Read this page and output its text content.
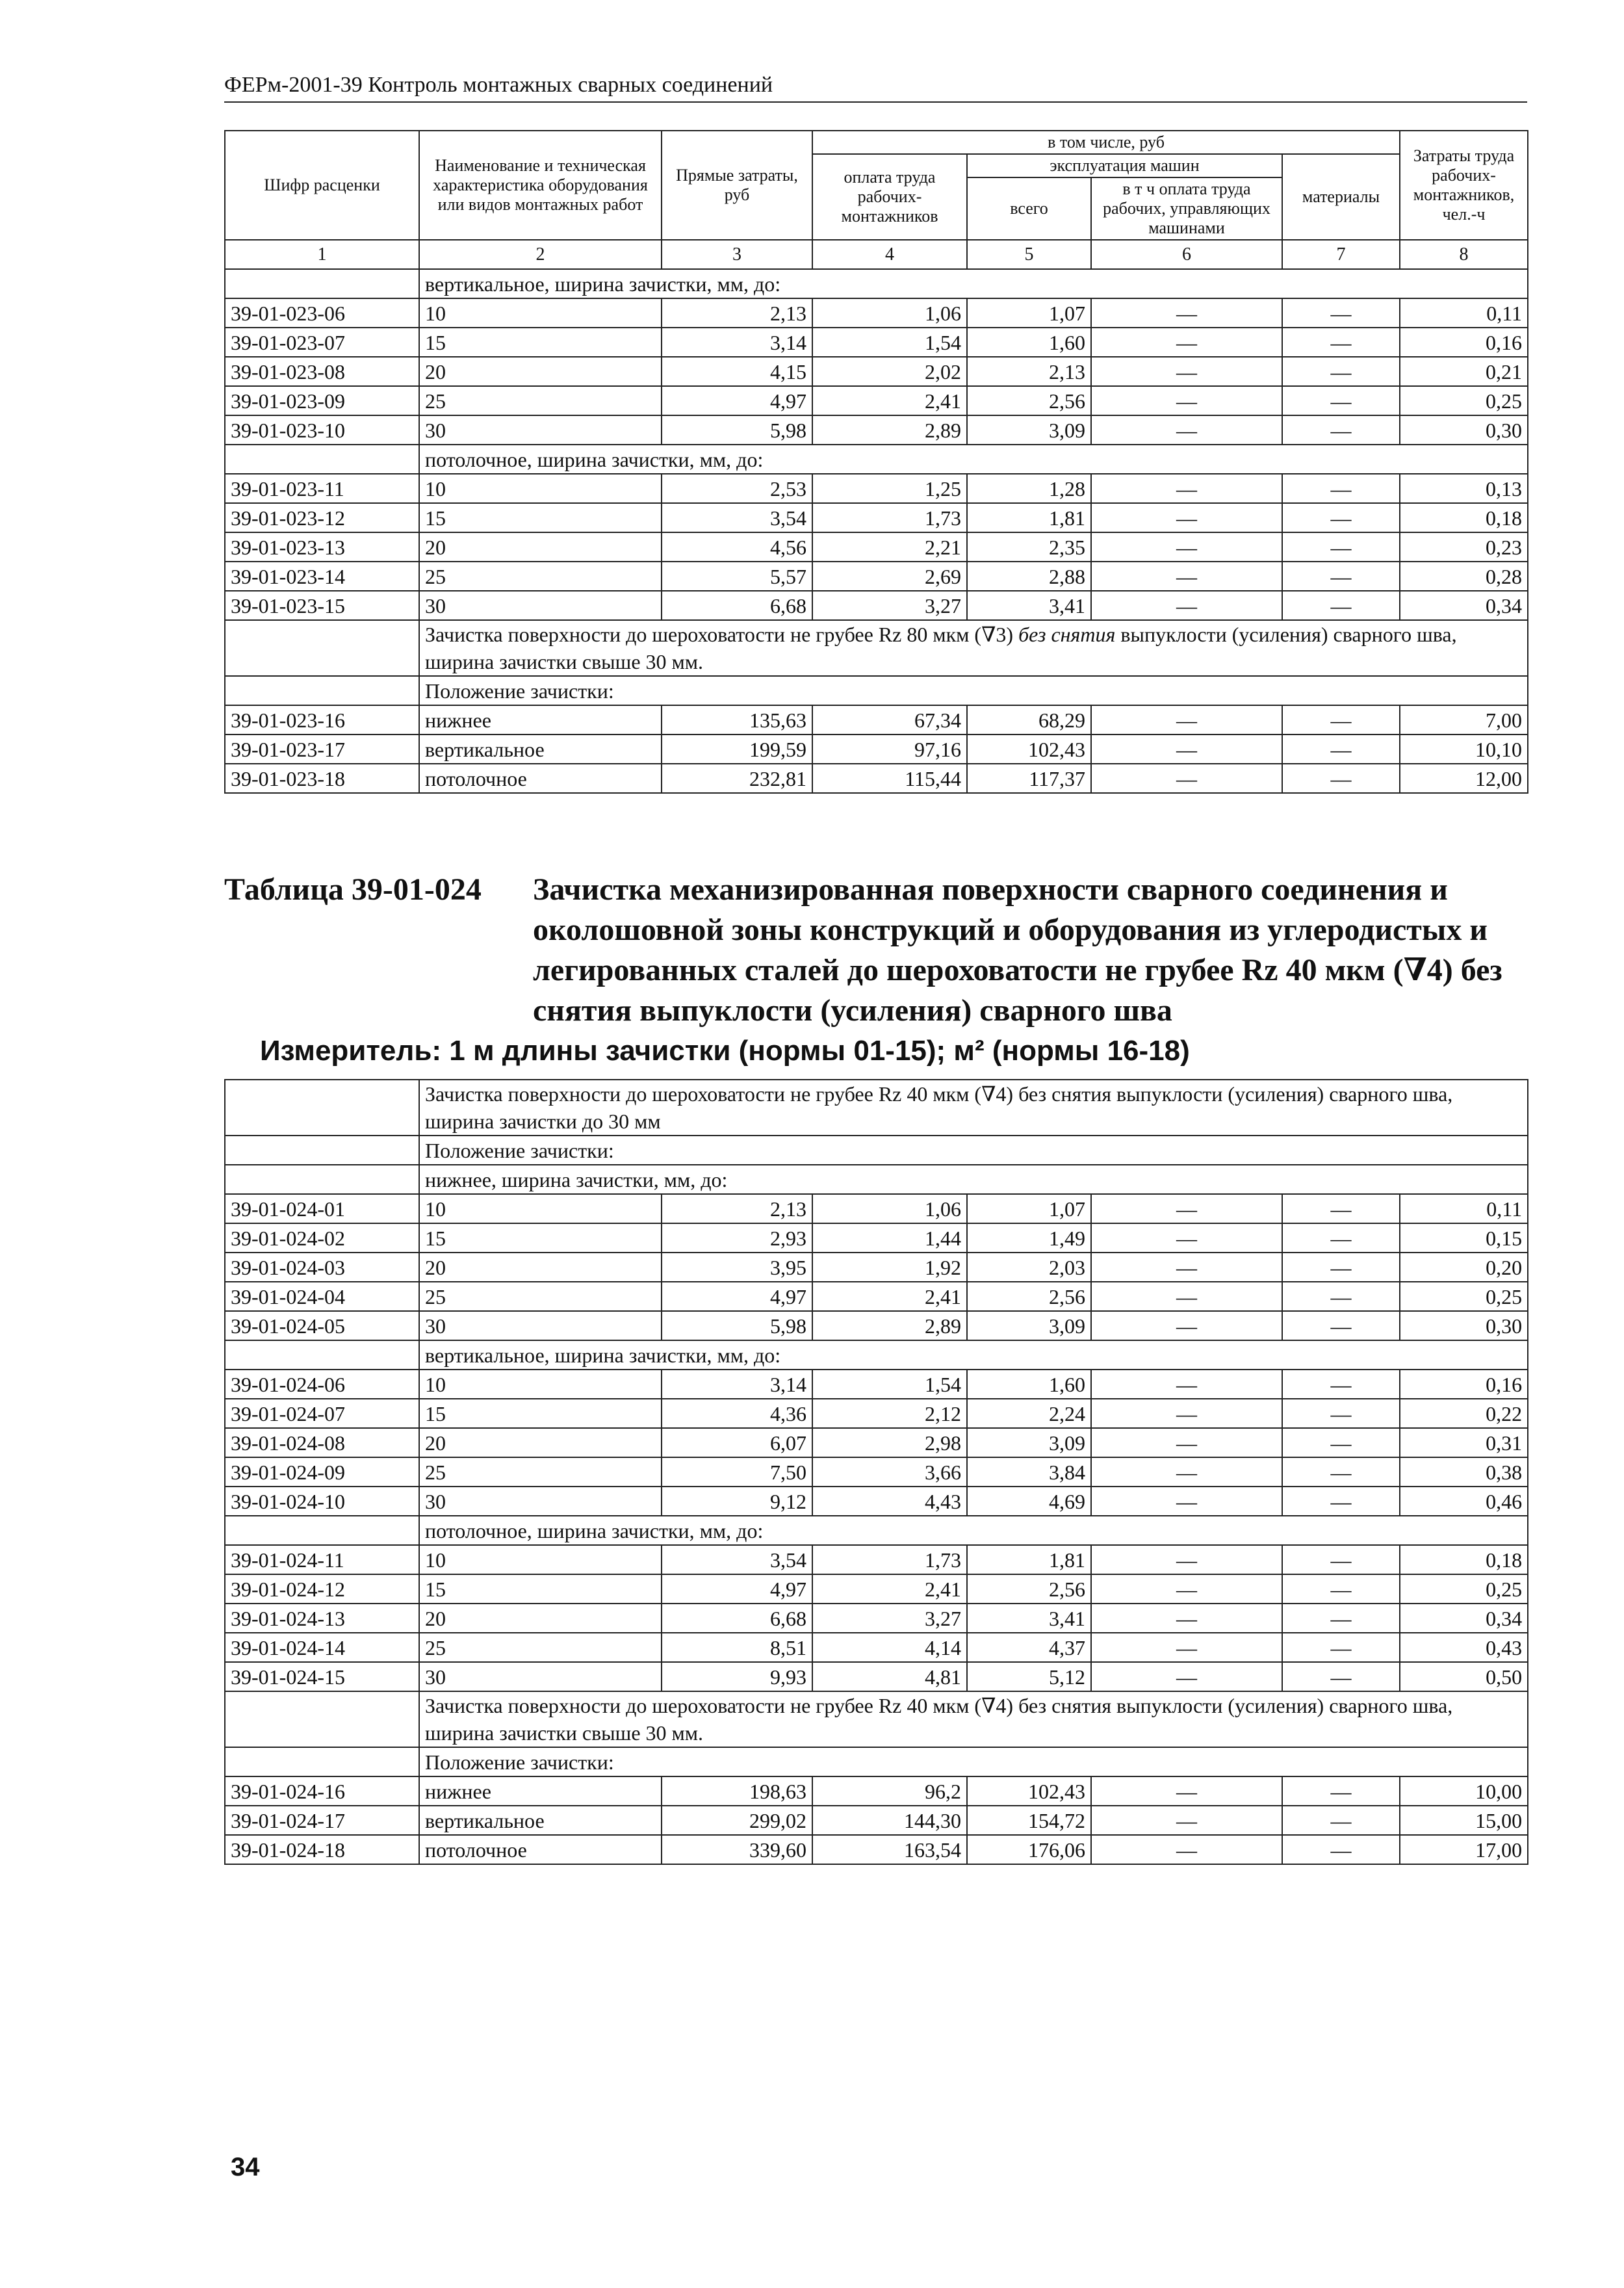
ФЕРм-2001-39 Контроль монтажных сварных соединений
Шифр расценки	Наименование и техническая характеристика оборудования или видов монтажных работ	Прямые затраты, руб	в том числе, руб				Затраты труда рабочих-монтажников, чел.-ч
			оплата труда рабочих-монтажников	эксплуатация машин		материалы	
				всего	в т ч оплата труда рабочих, управляющих машинами		
1	2	3	4	5	6	7	8
	вертикальное, ширина зачистки, мм, до:						
39-01-023-06	10	2,13	1,06	1,07	—	—	0,11
39-01-023-07	15	3,14	1,54	1,60	—	—	0,16
39-01-023-08	20	4,15	2,02	2,13	—	—	0,21
39-01-023-09	25	4,97	2,41	2,56	—	—	0,25
39-01-023-10	30	5,98	2,89	3,09	—	—	0,30
	потолочное, ширина зачистки, мм, до:						
39-01-023-11	10	2,53	1,25	1,28	—	—	0,13
39-01-023-12	15	3,54	1,73	1,81	—	—	0,18
39-01-023-13	20	4,56	2,21	2,35	—	—	0,23
39-01-023-14	25	5,57	2,69	2,88	—	—	0,28
39-01-023-15	30	6,68	3,27	3,41	—	—	0,34
	Зачистка поверхности до шероховатости не грубее Rz 80 мкм (∇3) без снятия выпуклости (усиления) сварного шва, ширина зачистки свыше 30 мм.						
	Положение зачистки:						
39-01-023-16	нижнее	135,63	67,34	68,29	—	—	7,00
39-01-023-17	вертикальное	199,59	97,16	102,43	—	—	10,10
39-01-023-18	потолочное	232,81	115,44	117,37	—	—	12,00
Таблица 39-01-024	Зачистка механизированная поверхности сварного соединения и околошовной зоны конструкций и оборудования из углеродистых и легированных сталей до шероховатости не грубее Rz 40 мкм (∇4) без снятия выпуклости (усиления) сварного шва
Измеритель: 1 м длины зачистки (нормы 01-15); м² (нормы 16-18)
	Зачистка поверхности до шероховатости не грубее Rz 40 мкм (∇4) без снятия выпуклости (усиления) сварного шва, ширина зачистки до 30 мм						
	Положение зачистки:						
	нижнее, ширина зачистки, мм, до:						
39-01-024-01	10	2,13	1,06	1,07	—	—	0,11
39-01-024-02	15	2,93	1,44	1,49	—	—	0,15
39-01-024-03	20	3,95	1,92	2,03	—	—	0,20
39-01-024-04	25	4,97	2,41	2,56	—	—	0,25
39-01-024-05	30	5,98	2,89	3,09	—	—	0,30
	вертикальное, ширина зачистки, мм, до:						
39-01-024-06	10	3,14	1,54	1,60	—	—	0,16
39-01-024-07	15	4,36	2,12	2,24	—	—	0,22
39-01-024-08	20	6,07	2,98	3,09	—	—	0,31
39-01-024-09	25	7,50	3,66	3,84	—	—	0,38
39-01-024-10	30	9,12	4,43	4,69	—	—	0,46
	потолочное, ширина зачистки, мм, до:						
39-01-024-11	10	3,54	1,73	1,81	—	—	0,18
39-01-024-12	15	4,97	2,41	2,56	—	—	0,25
39-01-024-13	20	6,68	3,27	3,41	—	—	0,34
39-01-024-14	25	8,51	4,14	4,37	—	—	0,43
39-01-024-15	30	9,93	4,81	5,12	—	—	0,50
	Зачистка поверхности до шероховатости не грубее Rz 40 мкм (∇4) без снятия выпуклости (усиления) сварного шва, ширина зачистки свыше 30 мм.						
	Положение зачистки:						
39-01-024-16	нижнее	198,63	96,2	102,43	—	—	10,00
39-01-024-17	вертикальное	299,02	144,30	154,72	—	—	15,00
39-01-024-18	потолочное	339,60	163,54	176,06	—	—	17,00
34
